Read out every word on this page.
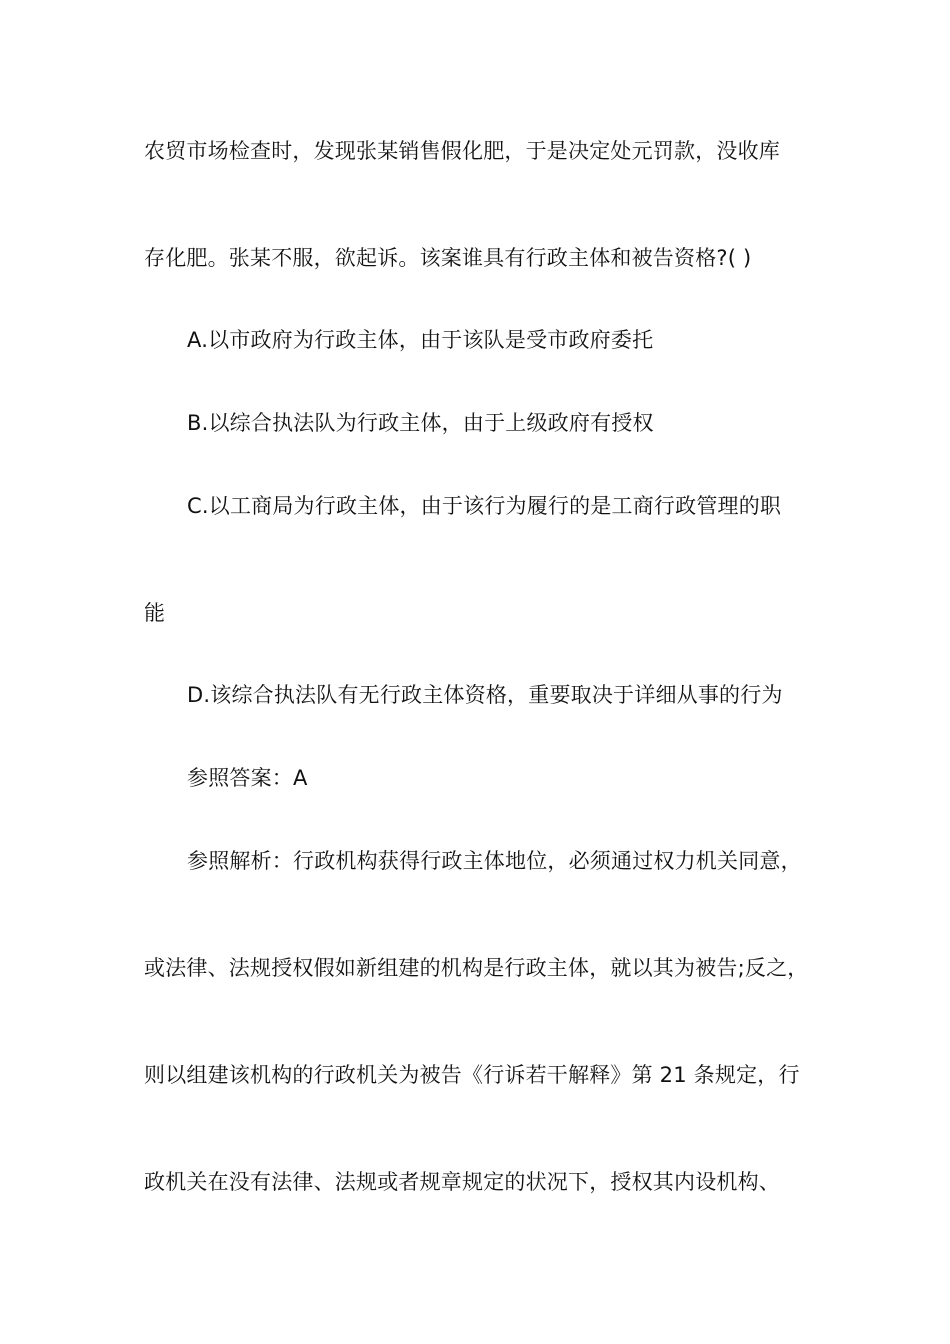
农贸市场检查时，发现张某销售假化肥，于是决定处元罚款，没收库
存化肥。张某不服，欲起诉。该案谁具有行政主体和被告资格?( )
A.以市政府为行政主体，由于该队是受市政府委托
B.以综合执法队为行政主体，由于上级政府有授权
C.以工商局为行政主体，由于该行为履行的是工商行政管理的职
能
D.该综合执法队有无行政主体资格，重要取决于详细从事的行为
参照答案：A
参照解析：行政机构获得行政主体地位，必须通过权力机关同意，
或法律、法规授权假如新组建的机构是行政主体，就以其为被告;反之，
则以组建该机构的行政机关为被告《行诉若干解释》第 21 条规定，行
政机关在没有法律、法规或者规章规定的状况下，授权其内设机构、
